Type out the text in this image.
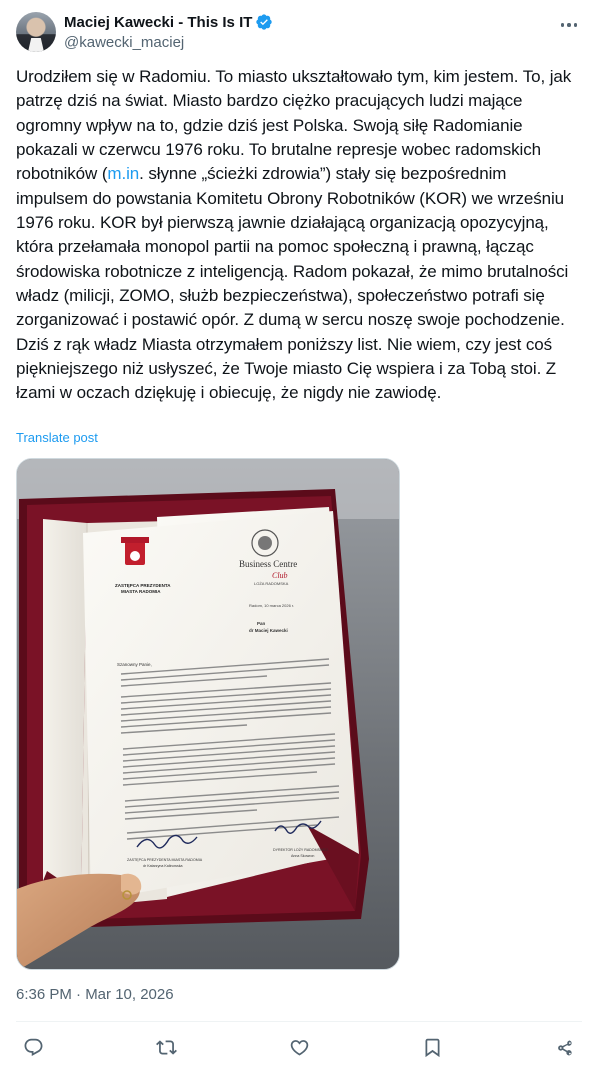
Maciej Kawecki - This Is IT
@kawecki_maciej
Urodziłem się w Radomiu. To miasto ukształtowało tym, kim jestem. To, jak patrzę dziś na świat. Miasto bardzo ciężko pracujących ludzi mające ogromny wpływ na to, gdzie dziś jest Polska. Swoją siłę Radomianie pokazali w czerwcu 1976 roku. To brutalne represje wobec radomskich robotników (m.in. słynne „ścieżki zdrowia”) stały się bezpośrednim impulsem do powstania Komitetu Obrony Robotników (KOR) we wrześniu 1976 roku. KOR był pierwszą jawnie działającą organizacją opozycyjną, która przełamała monopol partii na pomoc społeczną i prawną, łącząc środowiska robotnicze z inteligencją. Radom pokazał, że mimo brutalności władz (milicji, ZOMO, służb bezpieczeństwa), społeczeństwo potrafi się zorganizować i postawić opór. Z dumą w sercu noszę swoje pochodzenie. Dziś z rąk władz Miasta otrzymałem poniższy list. Nie wiem, czy jest coś piękniejszego niż usłyszeć, że Twoje miasto Cię wspiera i za Tobą stoi. Z łzami w oczach dziękuję i obiecuję, że nigdy nie zawiodę.
Translate post
ZASTĘPCA PREZYDENTA
MIASTA RADOMIA
Business Centre
Club
LOŻA RADOMSKA
Radom, 10 marca 2026 r.
Pan
dr Maciej Kawecki
Szanowny Panie,
ZASTĘPCA PREZYDENTA MIASTA RADOMIA
dr Katarzyna Kalinowska
DYREKTOR LOŻY RADOMSKIEJ
Anna Skowron
6:36 PM · Mar 10, 2026
